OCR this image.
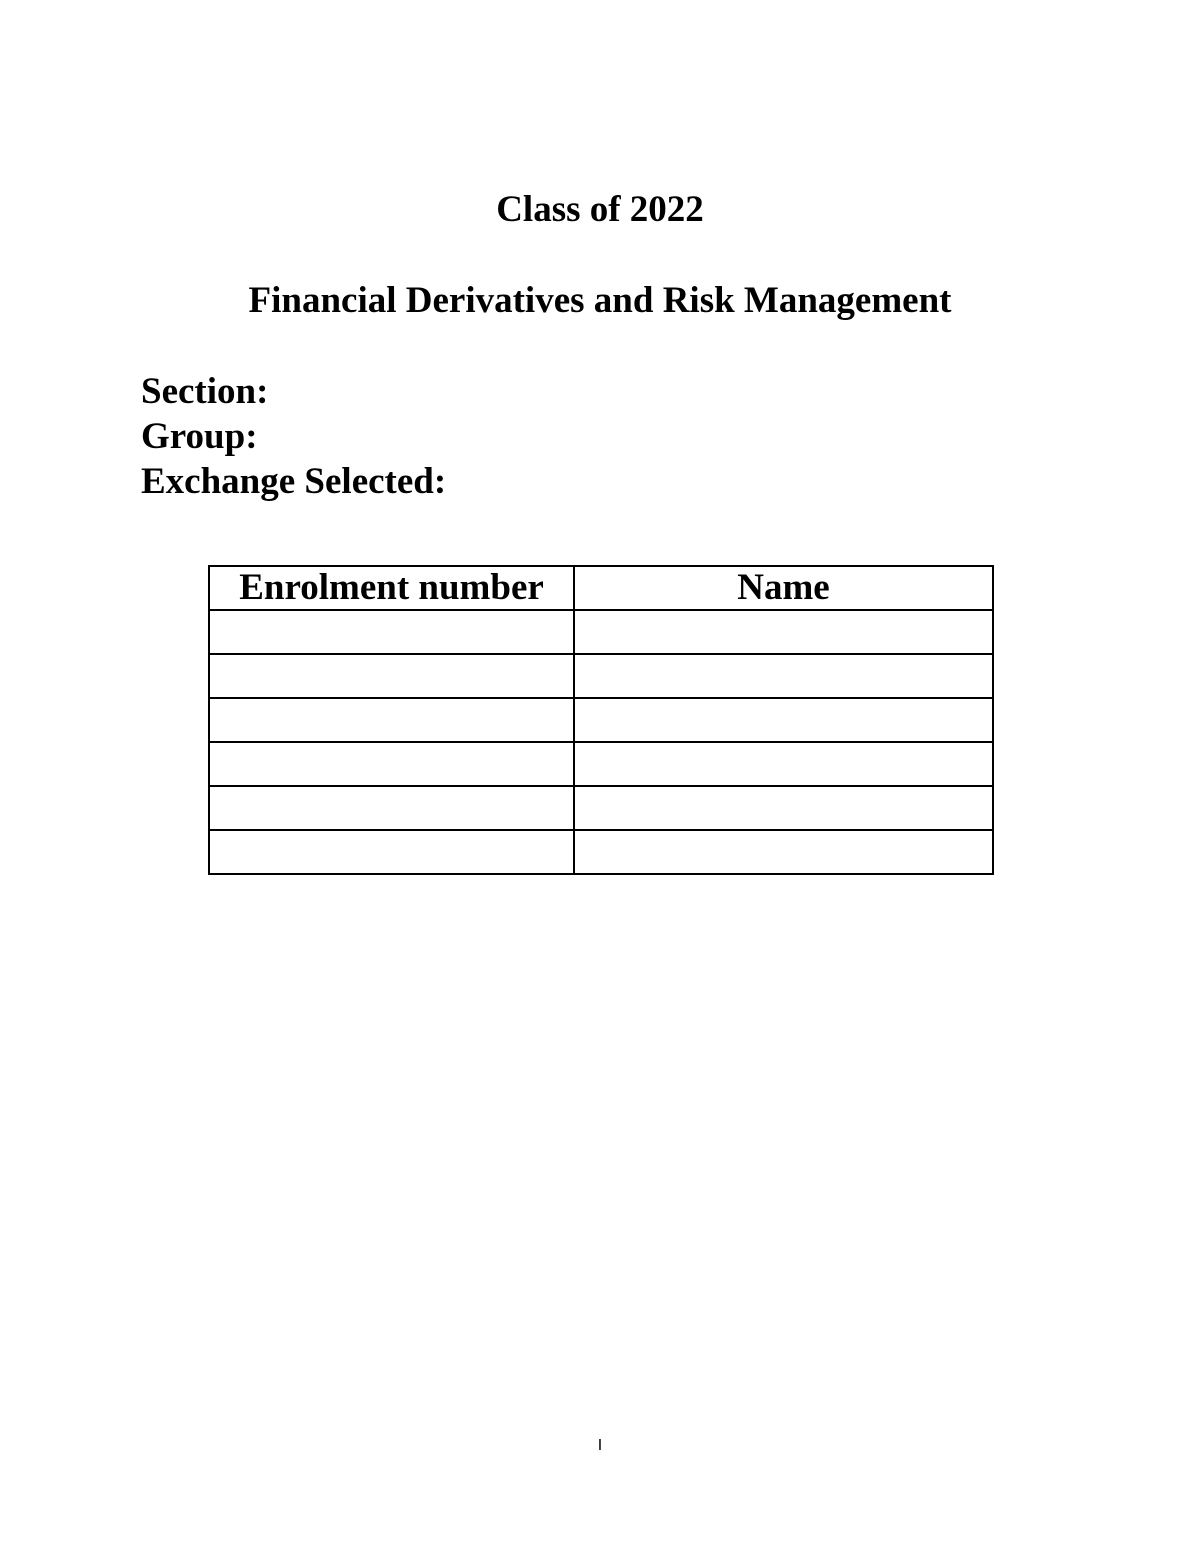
Class of 2022
Financial Derivatives and Risk Management
Section:
Group:
Exchange Selected:
Enrolment number	Name

I
